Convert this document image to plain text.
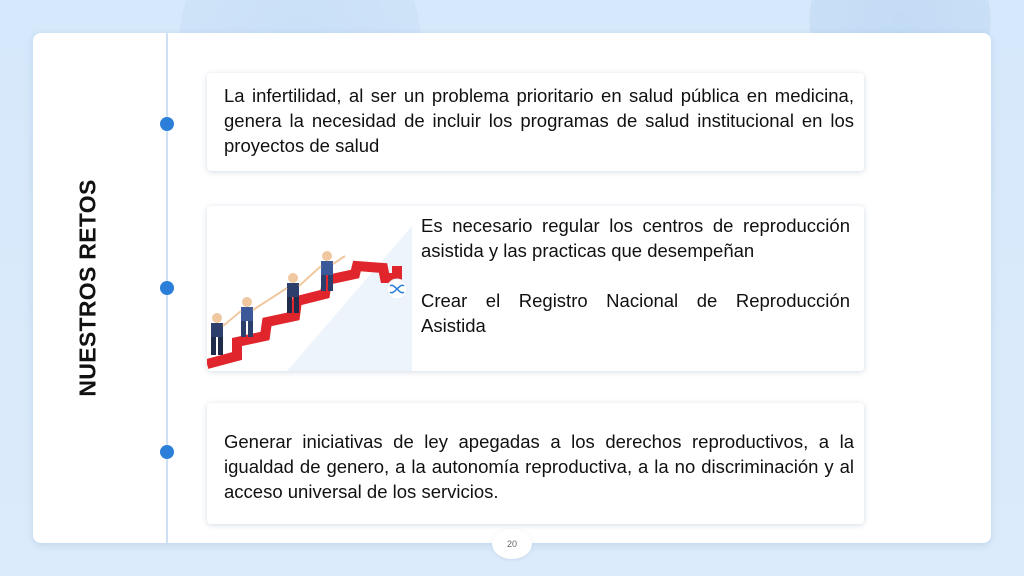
NUESTROS RETOS

La infertilidad, al ser un problema prioritario en salud pública en medicina, genera la necesidad de incluir los programas de salud institucional en los proyectos de salud

Es necesario regular los centros de reproducción asistida y las practicas que desempeñan

Crear el Registro Nacional de Reproducción Asistida

Generar iniciativas de ley apegadas a los derechos reproductivos, a la igualdad de genero, a la autonomía reproductiva, a la no discriminación y al acceso universal de los servicios.

20
